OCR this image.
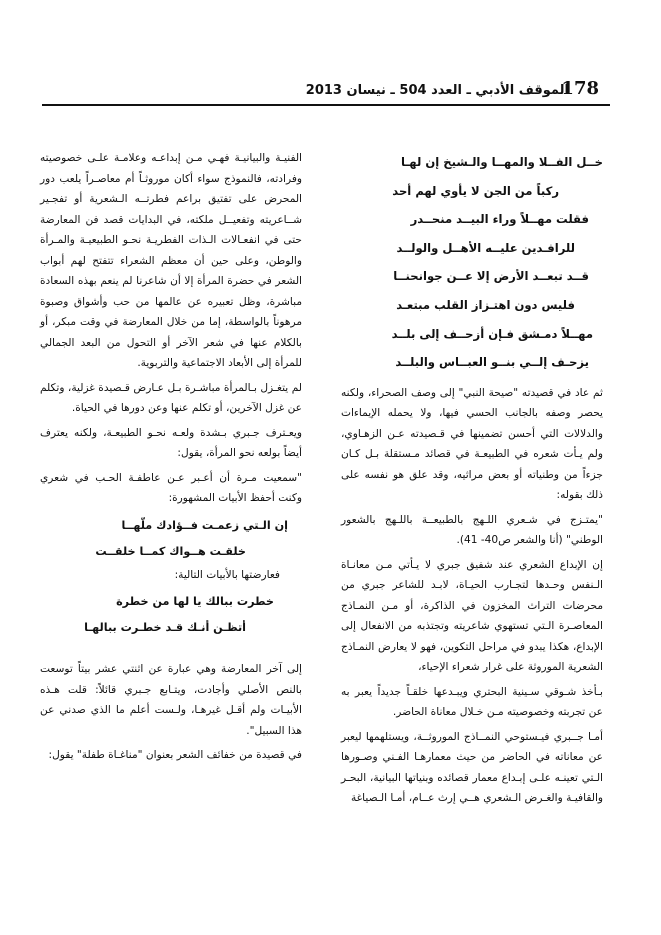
178
الموقف الأدبي ـ العدد 504 ـ نيسان 2013
خــل الفــلا والمهــا والـشيخ إن لهـا
ركباً من الجن لا يأوي لهم أحد
فقلت مهــلاً وراء البيــد منحــدر
للرافـدين عليــه الأهــل والولــد
قــد تبعــد الأرض إلا عــن جوانحنــا
فليس دون اهتـزاز القلب مبتعـد
مهــلاً دمـشق فـإن أزحــف إلى بلــد
يزحـف إلــي بنــو العبــاس والبلــد

ثم عاد في قصيدته "صيحة النبي" إلى وصف الصحراء، ولكنه يحصر وصفه بالجانب الحسي فيها، ولا يحمله الإيماءات والدلالات التي أحسن تضمينها في قـصيدته عـن الزهـاوي، ولم يـأت شعره في الطبيعـة في قصائد مـستقلة بـل كـان جزءاً من وطنياته أو بعض مراثيه، وقد علق هو نفسه على ذلك بقوله:

"يمتـزج في شـعري اللـهج بالطبيعــة باللـهج بالشعور الوطني" (أنا والشعر ص40- 41).

إن الإبداع الشعري عند شفيق جبري لا يـأتي مـن معانـاة الـنفس وحـدها لتجـارب الحيـاة، لابـد للشاعر جبري من محرضات التراث المخزون في الذاكرة، أو مـن النمـاذج المعاصـرة الـتي تستهوي شاعريته وتجتذبه من الانفعال إلى الإبداع، هكذا يبدو في مراحل التكوين، فهو لا يعارض النمـاذج الشعرية الموروثة على غرار شعراء الإحياء،

بـأخذ شـوقي سـينية البحتري ويبـدعها خلقـاً جديداً يعبر به عن تجربته وخصوصيته مـن خـلال معاناة الحاضر.

أمـا جــبري فيـستوحي النمــاذج الموروثــة، ويستلهمها ليعبر عن معاناته في الحاضر من حيث معمارهـا الفـني وصـورها الـتي تعينـه علـى إبـداع معمار قصائده وبنياتها البيانية، البحـر والقافيـة والغـرض الـشعري هــي إرث عــام، أمـا الـصياغة

الفنيـة والبيانيـة فهـي مـن إبداعـه وعلامـة علـى خصوصيته وفرادته، فالنموذج سواء أكان موروثـاً أم معاصـراً يلعب دور المحرض على تفتيق براعم فطرتــه الـشعرية أو تفجـير شــاعريته وتفعيــل ملكته، في البدايات قصد فن المعارضة حتى في انفعـالات الـذات الفطريـة نحـو الطبيعيـة والمـرأة والوطن، وعلى حين أن معظم الشعراء تتفتح لهم أبواب الشعر في حضرة المرأة إلا أن شاعرنا لم ينعم بهذه السعادة مباشرة، وظل تعبيره عن عالمها من حب وأشواق وصبوة مرهوناً بالواسطة، إما من خلال المعارضة في وقت مبكر، أو بالكلام عنها في شعر الآخر أو التحول من البعد الجمالي للمرأة إلى الأبعاد الاجتماعية والتربوية.

لم يتغـزل بـالمرأة مباشـرة بـل عـارض قـصيدة غزلية، وتكلم عن غزل الآخرين، أو تكلم عنها وعن دورها في الحياة.

ويعـترف جـبري بـشدة ولعـه نحـو الطبيعـة، ولكنه يعترف أيضاً بولعه نحو المرأة، يقول:

"سمعيت مـرة أن أعـبر عـن عاطفـة الحـب في شعري وكنت أحفظ الأبيات المشهورة:

إن الـتي زعمـت فــؤادك ملّهــا
خلقـت هــواك كمــا خلقــت

فعارضتها بالأبيات التالية:

خطرت ببالك يا لها من خطرة
أتظـن أنـك قـد خطـرت ببالهـا

إلى آخر المعارضة وهي عبارة عن اثنتي عشر بيتاً توسعت بالنص الأصلي وأجادت، ويتـابع جـبري قائلاً: قلت هـذه الأبيـات ولم أقـل غيرهـا، ولـست أعلم ما الذي صدني عن هذا السبيل".

في قصيدة من خفائف الشعر بعنوان "مناغـاة طفلة" يقول:
